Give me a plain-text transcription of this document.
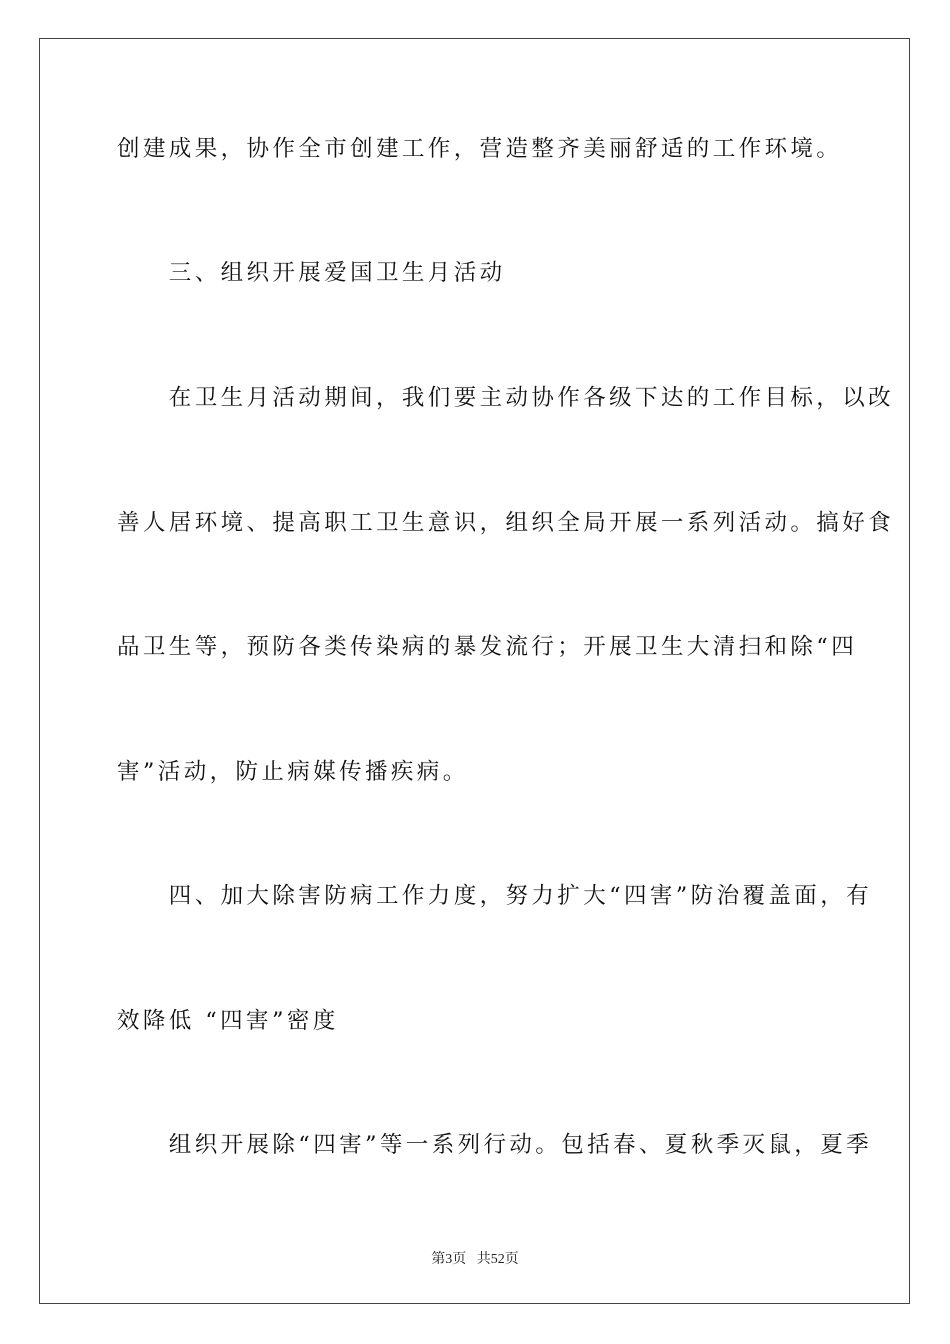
创建成果，协作全市创建工作，营造整齐美丽舒适的工作环境。
　　三、组织开展爱国卫生月活动
　　在卫生月活动期间，我们要主动协作各级下达的工作目标，以改
善人居环境、提高职工卫生意识，组织全局开展一系列活动。搞好食
品卫生等，预防各类传染病的暴发流行；开展卫生大清扫和除“四
害”活动，防止病媒传播疾病。
　　四、加大除害防病工作力度，努力扩大“四害”防治覆盖面，有
效降低 “四害”密度
　　组织开展除“四害”等一系列行动。包括春、夏秋季灭鼠，夏季
第3页 共52页
